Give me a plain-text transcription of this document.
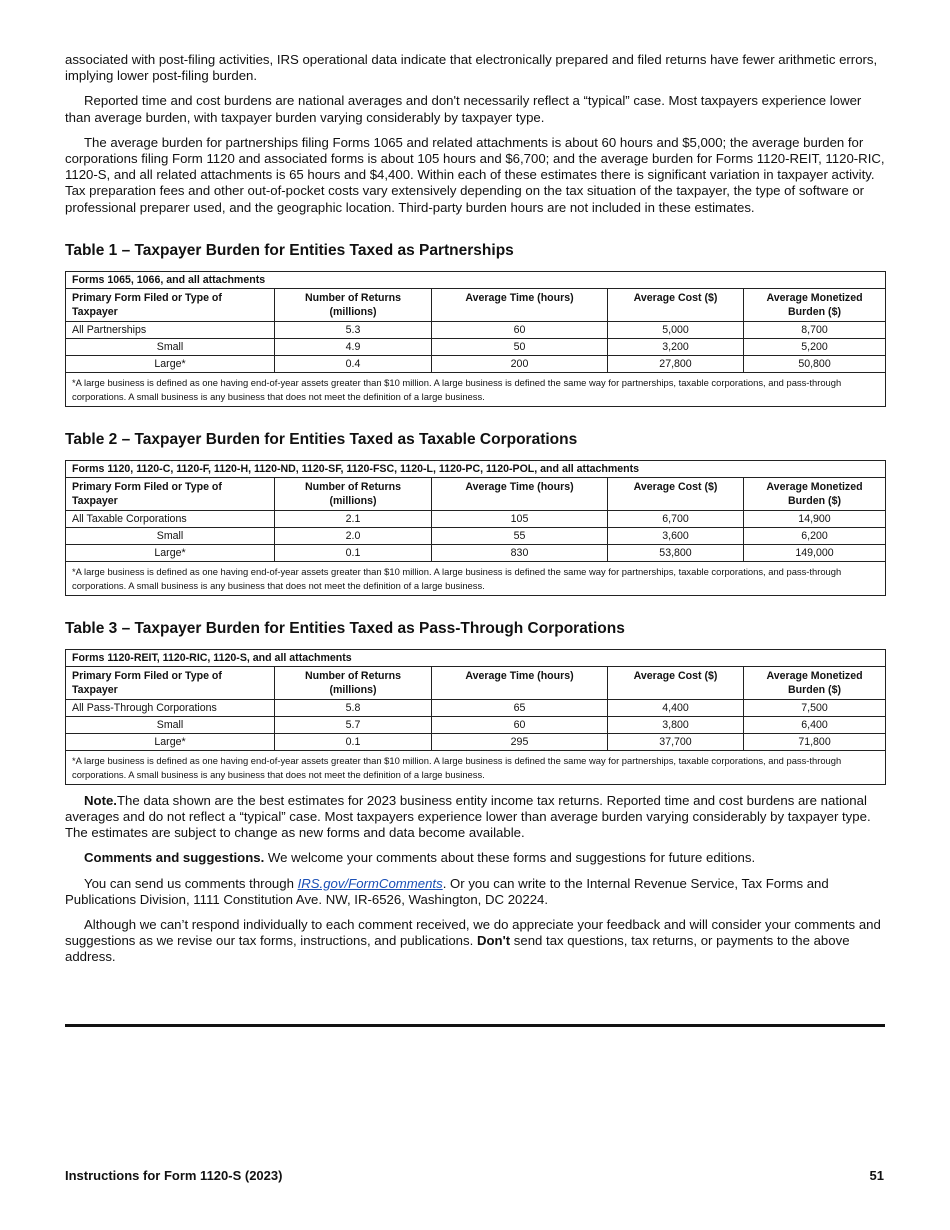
associated with post-filing activities, IRS operational data indicate that electronically prepared and filed returns have fewer arithmetic errors, implying lower post-filing burden.

Reported time and cost burdens are national averages and don't necessarily reflect a “typical” case. Most taxpayers experience lower than average burden, with taxpayer burden varying considerably by taxpayer type.

The average burden for partnerships filing Forms 1065 and related attachments is about 60 hours and $5,000; the average burden for corporations filing Form 1120 and associated forms is about 105 hours and $6,700; and the average burden for Forms 1120-REIT, 1120-RIC, 1120-S, and all related attachments is 65 hours and $4,400. Within each of these estimates there is significant variation in taxpayer activity. Tax preparation fees and other out-of-pocket costs vary extensively depending on the tax situation of the taxpayer, the type of software or professional preparer used, and the geographic location. Third-party burden hours are not included in these estimates.

Table 1 – Taxpayer Burden for Entities Taxed as Partnerships
Forms 1065, 1066, and all attachments				
Primary Form Filed or Type of Taxpayer	Number of Returns (millions)	Average Time (hours)	Average Cost ($)	Average Monetized Burden ($)
All Partnerships	5.3	60	5,000	8,700
Small	4.9	50	3,200	5,200
Large*	0.4	200	27,800	50,800
*A large business is defined as one having end-of-year assets greater than $10 million. A large business is defined the same way for partnerships, taxable corporations, and pass-through corporations. A small business is any business that does not meet the definition of a large business.				
Table 2 – Taxpayer Burden for Entities Taxed as Taxable Corporations
Forms 1120, 1120-C, 1120-F, 1120-H, 1120-ND, 1120-SF, 1120-FSC, 1120-L, 1120-PC, 1120-POL, and all attachments				
Primary Form Filed or Type of Taxpayer	Number of Returns (millions)	Average Time (hours)	Average Cost ($)	Average Monetized Burden ($)
All Taxable Corporations	2.1	105	6,700	14,900
Small	2.0	55	3,600	6,200
Large*	0.1	830	53,800	149,000
*A large business is defined as one having end-of-year assets greater than $10 million. A large business is defined the same way for partnerships, taxable corporations, and pass-through corporations. A small business is any business that does not meet the definition of a large business.				
Table 3 – Taxpayer Burden for Entities Taxed as Pass-Through Corporations
Forms 1120-REIT, 1120-RIC, 1120-S, and all attachments				
Primary Form Filed or Type of Taxpayer	Number of Returns (millions)	Average Time (hours)	Average Cost ($)	Average Monetized Burden ($)
All Pass-Through Corporations	5.8	65	4,400	7,500
Small	5.7	60	3,800	6,400
Large*	0.1	295	37,700	71,800
*A large business is defined as one having end-of-year assets greater than $10 million. A large business is defined the same way for partnerships, taxable corporations, and pass-through corporations. A small business is any business that does not meet the definition of a large business.				

Note.The data shown are the best estimates for 2023 business entity income tax returns. Reported time and cost burdens are national averages and do not reflect a “typical” case. Most taxpayers experience lower than average burden varying considerably by taxpayer type. The estimates are subject to change as new forms and data become available.

Comments and suggestions. We welcome your comments about these forms and suggestions for future editions.

You can send us comments through IRS.gov/FormComments. Or you can write to the Internal Revenue Service, Tax Forms and Publications Division, 1111 Constitution Ave. NW, IR-6526, Washington, DC 20224.

Although we can’t respond individually to each comment received, we do appreciate your feedback and will consider your comments and suggestions as we revise our tax forms, instructions, and publications. Don't send tax questions, tax returns, or payments to the above address.

Instructions for Form 1120-S (2023)	51
